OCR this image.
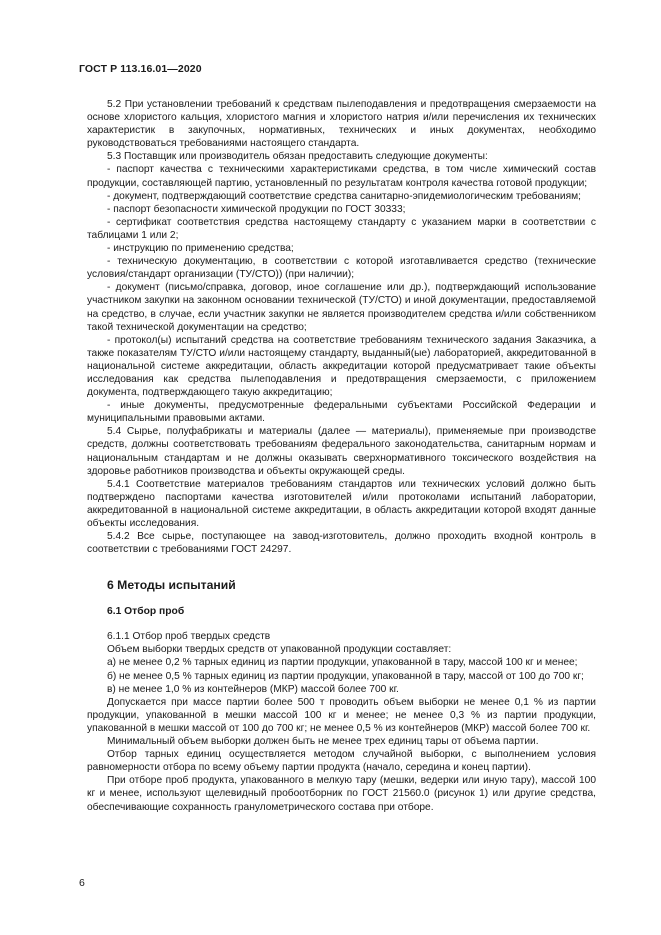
ГОСТ Р 113.16.01—2020

5.2 При установлении требований к средствам пылеподавления и предотвращения смерзаемости на основе хлористого кальция, хлористого магния и хлористого натрия и/или перечисления их технических характеристик в закупочных, нормативных, технических и иных документах, необходимо руководствоваться требованиями настоящего стандарта.

5.3 Поставщик или производитель обязан предоставить следующие документы:

- паспорт качества с техническими характеристиками средства, в том числе химический состав продукции, составляющей партию, установленный по результатам контроля качества готовой продукции;

- документ, подтверждающий соответствие средства санитарно-эпидемиологическим требованиям;

- паспорт безопасности химической продукции по ГОСТ 30333;

- сертификат соответствия средства настоящему стандарту с указанием марки в соответствии с таблицами 1 или 2;

- инструкцию по применению средства;

- техническую документацию, в соответствии с которой изготавливается средство (технические условия/стандарт организации (ТУ/СТО)) (при наличии);

- документ (письмо/справка, договор, иное соглашение или др.), подтверждающий использование участником закупки на законном основании технической (ТУ/СТО) и иной документации, предоставляемой на средство, в случае, если участник закупки не является производителем средства и/или собственником такой технической документации на средство;

- протокол(ы) испытаний средства на соответствие требованиям технического задания Заказчика, а также показателям ТУ/СТО и/или настоящему стандарту, выданный(ые) лабораторией, аккредитованной в национальной системе аккредитации, область аккредитации которой предусматривает такие объекты исследования как средства пылеподавления и предотвращения смерзаемости, с приложением документа, подтверждающего такую аккредитацию;

- иные документы, предусмотренные федеральными субъектами Российской Федерации и муниципальными правовыми актами.

5.4 Сырье, полуфабрикаты и материалы (далее — материалы), применяемые при производстве средств, должны соответствовать требованиям федерального законодательства, санитарным нормам и национальным стандартам и не должны оказывать сверхнормативного токсического воздействия на здоровье работников производства и объекты окружающей среды.

5.4.1 Соответствие материалов требованиям стандартов или технических условий должно быть подтверждено паспортами качества изготовителей и/или протоколами испытаний лаборатории, аккредитованной в национальной системе аккредитации, в область аккредитации которой входят данные объекты исследования.

5.4.2 Все сырье, поступающее на завод-изготовитель, должно проходить входной контроль в соответствии с требованиями ГОСТ 24297.

6 Методы испытаний
6.1 Отбор проб

6.1.1 Отбор проб твердых средств

Объем выборки твердых средств от упакованной продукции составляет:

а) не менее 0,2 % тарных единиц из партии продукции, упакованной в тару, массой 100 кг и менее;

б) не менее 0,5 % тарных единиц из партии продукции, упакованной в тару, массой от 100 до 700 кг;

в) не менее 1,0 % из контейнеров (МКР) массой более 700 кг.

Допускается при массе партии более 500 т проводить объем выборки не менее 0,1 % из партии продукции, упакованной в мешки массой 100 кг и менее; не менее 0,3 % из партии продукции, упакованной в мешки массой от 100 до 700 кг; не менее 0,5 % из контейнеров (МКР) массой более 700 кг.

Минимальный объем выборки должен быть не менее трех единиц тары от объема партии.

Отбор тарных единиц осуществляется методом случайной выборки, с выполнением условия равномерности отбора по всему объему партии продукта (начало, середина и конец партии).

При отборе проб продукта, упакованного в мелкую тару (мешки, ведерки или иную тару), массой 100 кг и менее, используют щелевидный пробоотборник по ГОСТ 21560.0 (рисунок 1) или другие средства, обеспечивающие сохранность гранулометрического состава при отборе.

6
